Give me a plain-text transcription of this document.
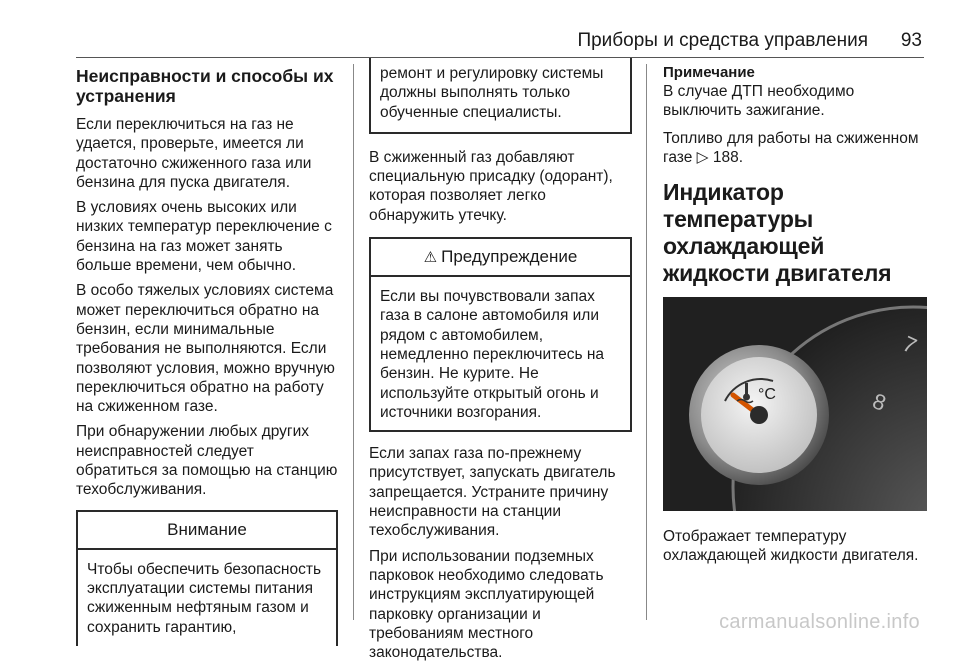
Приборы и средства управления 93
Неисправности и способы их устранения

Если переключиться на газ не удается, проверьте, имеется ли достаточно сжиженного газа или бензина для пуска двигателя.

В условиях очень высоких или низких температур переключение с бензина на газ может занять больше времени, чем обычно.

В особо тяжелых условиях система может переключиться обратно на бензин, если минимальные требования не выполняются. Если позволяют условия, можно вручную переключиться обратно на работу на сжиженном газе.

При обнаружении любых других неисправностей следует обратиться за помощью на станцию техобслуживания.

Внимание
Чтобы обеспечить безопасность эксплуатации системы питания сжиженным нефтяным газом и сохранить гарантию,
ремонт и регулировку системы должны выполнять только обученные специалисты.

В сжиженный газ добавляют специальную присадку (одорант), которая позволяет легко обнаружить утечку.

⚠ Предупреждение
Если вы почувствовали запах газа в салоне автомобиля или рядом с автомобилем, немедленно переключитесь на бензин. Не курите. Не используйте открытый огонь и источники возгорания.

Если запах газа по-прежнему присутствует, запускать двигатель запрещается. Устраните причину неисправности на станции техобслуживания.

При использовании подземных парковок необходимо следовать инструкциям эксплуатирующей парковку организации и требованиям местного законодательства.

Примечание

В случае ДТП необходимо выключить зажигание.

Топливо для работы на сжиженном газе ▷ 188.

Индикатор температуры охлаждающей жидкости двигателя
°C
7
8

Отображает температуру охлаждающей жидкости двигателя.

carmanualsonline.info
